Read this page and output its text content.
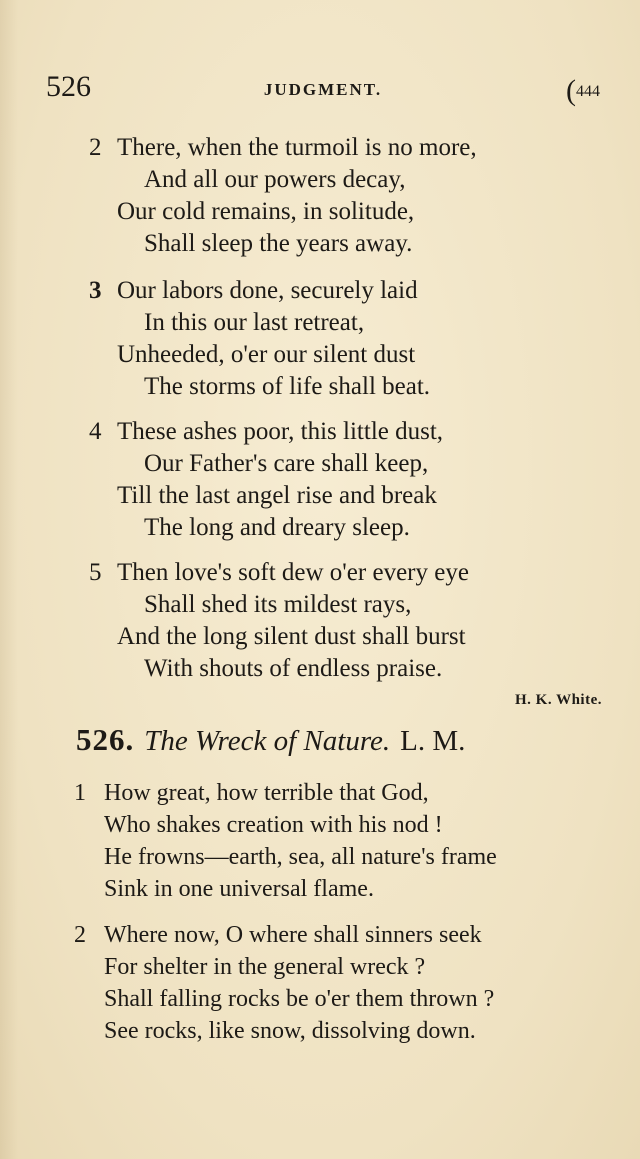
526	JUDGMENT.	(444
2 There, when the turmoil is no more,
And all our powers decay,
Our cold remains, in solitude,
Shall sleep the years away.
3 Our labors done, securely laid
In this our last retreat,
Unheeded, o'er our silent dust
The storms of life shall beat.
4 These ashes poor, this little dust,
Our Father's care shall keep,
Till the last angel rise and break
The long and dreary sleep.
5 Then love's soft dew o'er every eye
Shall shed its mildest rays,
And the long silent dust shall burst
With shouts of endless praise.
H. K. White.
526. The Wreck of Nature. L. M.
1 How great, how terrible that God,
Who shakes creation with his nod !
He frowns—earth, sea, all nature's frame
Sink in one universal flame.
2 Where now, O where shall sinners seek
For shelter in the general wreck ?
Shall falling rocks be o'er them thrown ?
See rocks, like snow, dissolving down.
